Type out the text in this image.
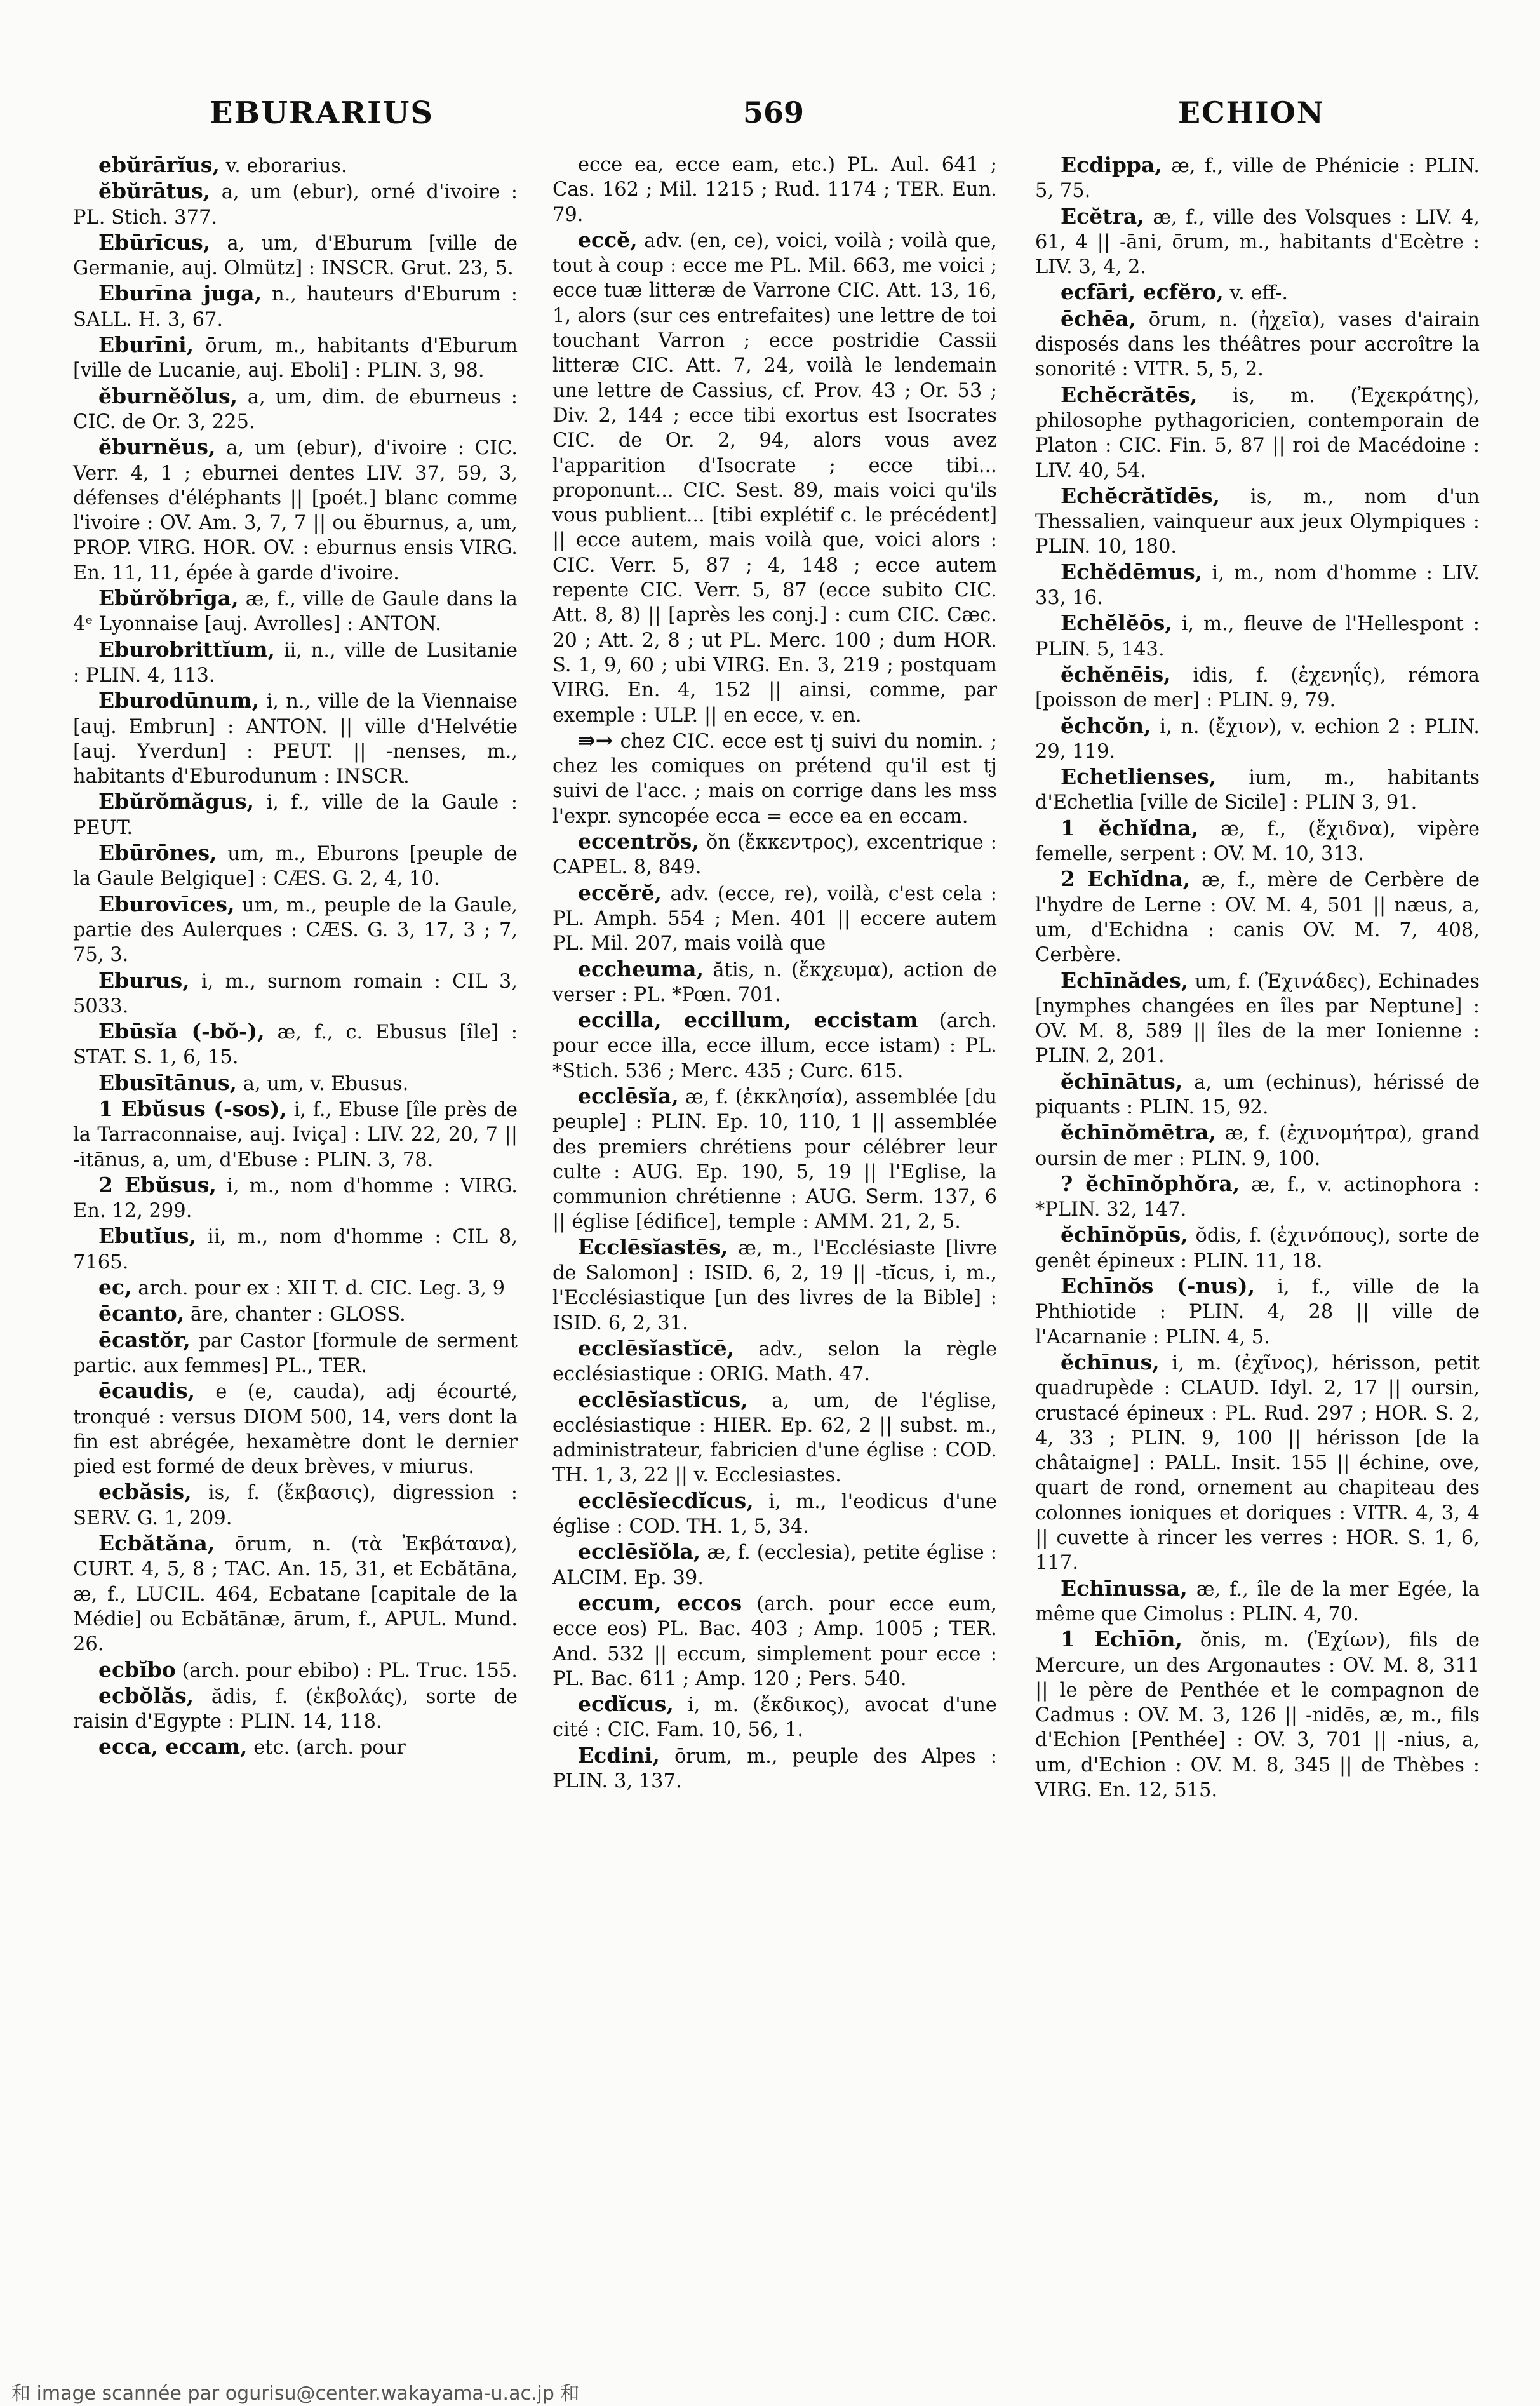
EBURARIUS	569	ECHION

ebŭrārĭus, v. eborarius.

ĕbŭrātus, a, um (ebur), orné d'ivoire : PL. Stich. 377.

Ebūrīcus, a, um, d'Eburum [ville de Germanie, auj. Olmütz] : INSCR. Grut. 23, 5.

Eburīna juga, n., hauteurs d'Eburum : SALL. H. 3, 67.

Eburīni, ōrum, m., habitants d'Eburum [ville de Lucanie, auj. Eboli] : PLIN. 3, 98.

ĕburnĕŏlus, a, um, dim. de eburneus : CIC. de Or. 3, 225.

ĕburnĕus, a, um (ebur), d'ivoire : CIC. Verr. 4, 1 ; eburnei dentes LIV. 37, 59, 3, défenses d'éléphants || [poét.] blanc comme l'ivoire : OV. Am. 3, 7, 7 || ou ĕburnus, a, um, PROP. VIRG. HOR. OV. : eburnus ensis VIRG. En. 11, 11, épée à garde d'ivoire.

Ebŭrŏbrīga, æ, f., ville de Gaule dans la 4ᵉ Lyonnaise [auj. Avrolles] : ANTON.

Eburobrittĭum, ii, n., ville de Lusitanie : PLIN. 4, 113.

Eburodūnum, i, n., ville de la Viennaise [auj. Embrun] : ANTON. || ville d'Helvétie [auj. Yverdun] : PEUT. || -nenses, m., habitants d'Eburodunum : INSCR.

Ebŭrŏmăgus, i, f., ville de la Gaule : PEUT.

Ebūrōnes, um, m., Eburons [peuple de la Gaule Belgique] : CÆS. G. 2, 4, 10.

Eburovīces, um, m., peuple de la Gaule, partie des Aulerques : CÆS. G. 3, 17, 3 ; 7, 75, 3.

Eburus, i, m., surnom romain : CIL 3, 5033.

Ebūsĭa (-bŏ-), æ, f., c. Ebusus [île] : STAT. S. 1, 6, 15.

Ebusītānus, a, um, v. Ebusus.

1 Ebŭsus (-sos), i, f., Ebuse [île près de la Tarraconnaise, auj. Iviça] : LIV. 22, 20, 7 || -itānus, a, um, d'Ebuse : PLIN. 3, 78.

2 Ebŭsus, i, m., nom d'homme : VIRG. En. 12, 299.

Ebutĭus, ii, m., nom d'homme : CIL 8, 7165.

ec, arch. pour ex : XII T. d. CIC. Leg. 3, 9

ēcanto, āre, chanter : GLOSS.

ēcastŏr, par Castor [formule de serment partic. aux femmes] PL., TER.

ēcaudis, e (e, cauda), adj écourté, tronqué : versus DIOM 500, 14, vers dont la fin est abrégée, hexamètre dont le dernier pied est formé de deux brèves, v miurus.

ecbăsis, is, f. (ἔκβασις), digression : SERV. G. 1, 209.

Ecbătăna, ōrum, n. (τὰ Ἐκβάτανα), CURT. 4, 5, 8 ; TAC. An. 15, 31, et Ecbătāna, æ, f., LUCIL. 464, Ecbatane [capitale de la Médie] ou Ecbătānæ, ārum, f., APUL. Mund. 26.

ecbĭbo (arch. pour ebibo) : PL. Truc. 155.

ecbŏlăs, ădis, f. (ἐκβολάς), sorte de raisin d'Egypte : PLIN. 14, 118.

ecca, eccam, etc. (arch. pour

ecce ea, ecce eam, etc.) PL. Aul. 641 ; Cas. 162 ; Mil. 1215 ; Rud. 1174 ; TER. Eun. 79.

eccĕ, adv. (en, ce), voici, voilà ; voilà que, tout à coup : ecce me PL. Mil. 663, me voici ; ecce tuæ litteræ de Varrone CIC. Att. 13, 16, 1, alors (sur ces entrefaites) une lettre de toi touchant Varron ; ecce postridie Cassii litteræ CIC. Att. 7, 24, voilà le lendemain une lettre de Cassius, cf. Prov. 43 ; Or. 53 ; Div. 2, 144 ; ecce tibi exortus est Isocrates CIC. de Or. 2, 94, alors vous avez l'apparition d'Isocrate ; ecce tibi... proponunt... CIC. Sest. 89, mais voici qu'ils vous publient... [tibi explétif c. le précédent] || ecce autem, mais voilà que, voici alors : CIC. Verr. 5, 87 ; 4, 148 ; ecce autem repente CIC. Verr. 5, 87 (ecce subito CIC. Att. 8, 8) || [après les conj.] : cum CIC. Cæc. 20 ; Att. 2, 8 ; ut PL. Merc. 100 ; dum HOR. S. 1, 9, 60 ; ubi VIRG. En. 3, 219 ; postquam VIRG. En. 4, 152 || ainsi, comme, par exemple : ULP. || en ecce, v. en.

⇛→ chez CIC. ecce est tj suivi du nomin. ; chez les comiques on prétend qu'il est tj suivi de l'acc. ; mais on corrige dans les mss l'expr. syncopée ecca = ecce ea en eccam.

eccentrŏs, ŏn (ἔκκεντρος), excentrique : CAPEL. 8, 849.

eccĕrĕ, adv. (ecce, re), voilà, c'est cela : PL. Amph. 554 ; Men. 401 || eccere autem PL. Mil. 207, mais voilà que

eccheuma, ătis, n. (ἔκχευμα), action de verser : PL. *Pœn. 701.

eccilla, eccillum, eccistam (arch. pour ecce illa, ecce illum, ecce istam) : PL. *Stich. 536 ; Merc. 435 ; Curc. 615.

ecclēsĭa, æ, f. (ἐκκλησία), assemblée [du peuple] : PLIN. Ep. 10, 110, 1 || assemblée des premiers chrétiens pour célébrer leur culte : AUG. Ep. 190, 5, 19 || l'Eglise, la communion chrétienne : AUG. Serm. 137, 6 || église [édifice], temple : AMM. 21, 2, 5.

Ecclēsĭastēs, æ, m., l'Ecclésiaste [livre de Salomon] : ISID. 6, 2, 19 || -tĭcus, i, m., l'Ecclésiastique [un des livres de la Bible] : ISID. 6, 2, 31.

ecclēsĭastĭcē, adv., selon la règle ecclésiastique : ORIG. Math. 47.

ecclēsĭastĭcus, a, um, de l'église, ecclésiastique : HIER. Ep. 62, 2 || subst. m., administrateur, fabricien d'une église : COD. TH. 1, 3, 22 || v. Ecclesiastes.

ecclēsĭecdĭcus, i, m., l'eodicus d'une église : COD. TH. 1, 5, 34.

ecclēsĭŏla, æ, f. (ecclesia), petite église : ALCIM. Ep. 39.

eccum, eccos (arch. pour ecce eum, ecce eos) PL. Bac. 403 ; Amp. 1005 ; TER. And. 532 || eccum, simplement pour ecce : PL. Bac. 611 ; Amp. 120 ; Pers. 540.

ecdĭcus, i, m. (ἔκδικος), avocat d'une cité : CIC. Fam. 10, 56, 1.

Ecdini, ōrum, m., peuple des Alpes : PLIN. 3, 137.

Ecdippa, æ, f., ville de Phénicie : PLIN. 5, 75.

Ecĕtra, æ, f., ville des Volsques : LIV. 4, 61, 4 || -āni, ōrum, m., habitants d'Ecètre : LIV. 3, 4, 2.

ecfāri, ecfĕro, v. eff-.

ēchēa, ōrum, n. (ἠχεῖα), vases d'airain disposés dans les théâtres pour accroître la sonorité : VITR. 5, 5, 2.

Echĕcrătēs, is, m. (Ἐχεκράτης), philosophe pythagoricien, contemporain de Platon : CIC. Fin. 5, 87 || roi de Macédoine : LIV. 40, 54.

Echĕcrătĭdēs, is, m., nom d'un Thessalien, vainqueur aux jeux Olympiques : PLIN. 10, 180.

Echĕdēmus, i, m., nom d'homme : LIV. 33, 16.

Echĕlĕōs, i, m., fleuve de l'Hellespont : PLIN. 5, 143.

ĕchĕnēis, idis, f. (ἐχενηΐς), rémora [poisson de mer] : PLIN. 9, 79.

ĕchcŏn, i, n. (ἔχιον), v. echion 2 : PLIN. 29, 119.

Echetlienses, ium, m., habitants d'Echetlia [ville de Sicile] : PLIN 3, 91.

1 ĕchĭdna, æ, f., (ἔχιδνα), vipère femelle, serpent : OV. M. 10, 313.

2 Echĭdna, æ, f., mère de Cerbère de l'hydre de Lerne : OV. M. 4, 501 || næus, a, um, d'Echidna : canis OV. M. 7, 408, Cerbère.

Echīnădes, um, f. (Ἐχινάδες), Echinades [nymphes changées en îles par Neptune] : OV. M. 8, 589 || îles de la mer Ionienne : PLIN. 2, 201.

ĕchīnātus, a, um (echinus), hérissé de piquants : PLIN. 15, 92.

ĕchīnŏmētra, æ, f. (ἐχινομήτρα), grand oursin de mer : PLIN. 9, 100.

? ĕchīnŏphŏra, æ, f., v. actinophora : *PLIN. 32, 147.

ĕchīnŏpūs, ŏdis, f. (ἐχινόπους), sorte de genêt épineux : PLIN. 11, 18.

Echīnŏs (-nus), i, f., ville de la Phthiotide : PLIN. 4, 28 || ville de l'Acarnanie : PLIN. 4, 5.

ĕchīnus, i, m. (ἐχῖνος), hérisson, petit quadrupède : CLAUD. Idyl. 2, 17 || oursin, crustacé épineux : PL. Rud. 297 ; HOR. S. 2, 4, 33 ; PLIN. 9, 100 || hérisson [de la châtaigne] : PALL. Insit. 155 || échine, ove, quart de rond, ornement au chapiteau des colonnes ioniques et doriques : VITR. 4, 3, 4 || cuvette à rincer les verres : HOR. S. 1, 6, 117.

Echīnussa, æ, f., île de la mer Egée, la même que Cimolus : PLIN. 4, 70.

1 Echīōn, ŏnis, m. (Ἐχίων), fils de Mercure, un des Argonautes : OV. M. 8, 311 || le père de Penthée et le compagnon de Cadmus : OV. M. 3, 126 || -nidēs, æ, m., fils d'Echion [Penthée] : OV. 3, 701 || -nius, a, um, d'Echion : OV. M. 8, 345 || de Thèbes : VIRG. En. 12, 515.

和 image scannée par ogurisu@center.wakayama-u.ac.jp 和
